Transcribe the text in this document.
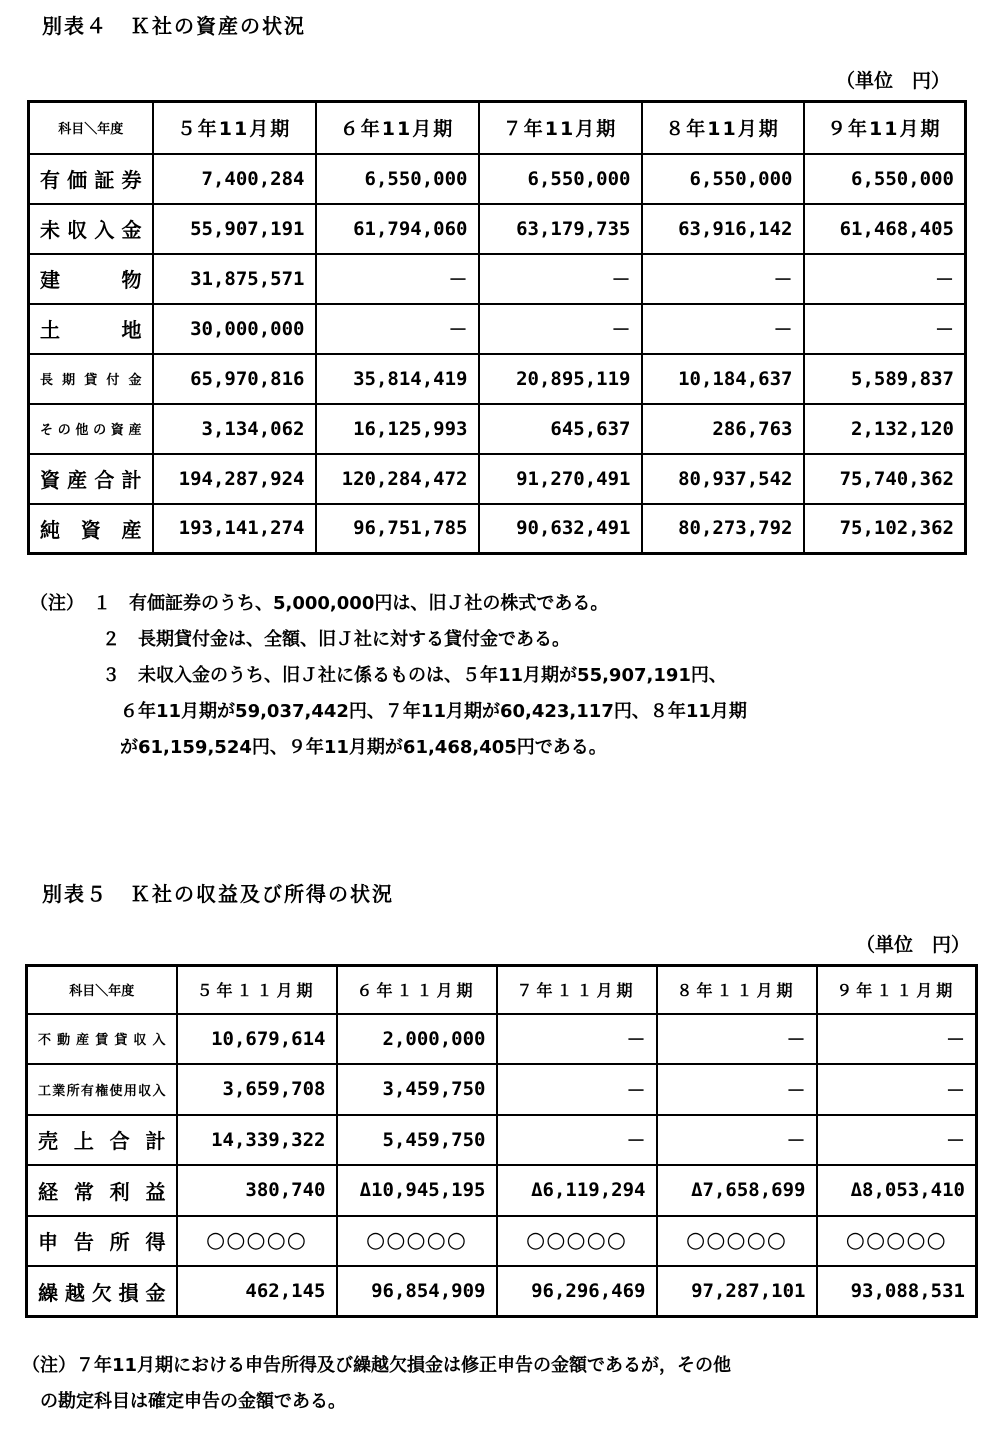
別表４　Ｋ社の資産の状況
（単位　円）
科目＼年度	５年11月期	６年11月期	７年11月期	８年11月期	９年11月期
有価証券	7,400,284	6,550,000	6,550,000	6,550,000	6,550,000
未収入金	55,907,191	61,794,060	63,179,735	63,916,142	61,468,405
建物	31,875,571	－	－	－	－
土地	30,000,000	－	－	－	－
長期貸付金	65,970,816	35,814,419	20,895,119	10,184,637	5,589,837
その他の資産	3,134,062	16,125,993	645,637	286,763	2,132,120
資産合計	194,287,924	120,284,472	91,270,491	80,937,542	75,740,362
純資産	193,141,274	96,751,785	90,632,491	80,273,792	75,102,362
（注）　１　有価証券のうち、5,000,000円は、旧Ｊ社の株式である。
　　　　２　長期貸付金は、全額、旧Ｊ社に対する貸付金である。
　　　　３　未収入金のうち、旧Ｊ社に係るものは、５年11月期が55,907,191円、
　　　　　６年11月期が59,037,442円、７年11月期が60,423,117円、８年11月期
　　　　　が61,159,524円、９年11月期が61,468,405円である。
別表５　Ｋ社の収益及び所得の状況
（単位　円）
科目＼年度	５年１１月期	６年１１月期	７年１１月期	８年１１月期	９年１１月期
不動産賃貸収入	10,679,614	2,000,000	－	－	－
工業所有権使用収入	3,659,708	3,459,750	－	－	－
売上合計	14,339,322	5,459,750	－	－	－
経常利益	380,740	Δ10,945,195	Δ6,119,294	Δ7,658,699	Δ8,053,410
申告所得	○○○○○	○○○○○	○○○○○	○○○○○	○○○○○
繰越欠損金	462,145	96,854,909	96,296,469	97,287,101	93,088,531
（注）７年11月期における申告所得及び繰越欠損金は修正申告の金額であるが，その他
　の勘定科目は確定申告の金額である。
